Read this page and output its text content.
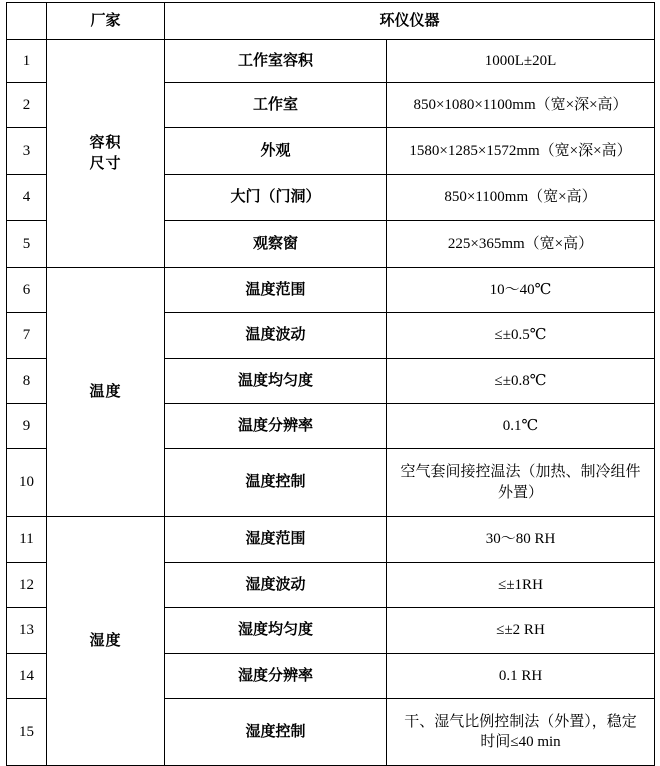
	厂家	环仪仪器	
1	容积尺寸	工作室容积	1000L±20L
2		工作室	850×1080×1100mm（宽×深×高）
3		外观	1580×1285×1572mm（宽×深×高）
4		大门（门洞）	850×1100mm（宽×高）
5		观察窗	225×365mm（宽×高）
6	温度	温度范围	10～40℃
7		温度波动	≤±0.5℃
8		温度均匀度	≤±0.8℃
9		温度分辨率	0.1℃
10		温度控制	空气套间接控温法（加热、制冷组件
外置）

11	湿度	湿度范围	30～80 RH
12		湿度波动	≤±1RH
13		湿度均匀度	≤±2 RH
14		湿度分辨率	0.1 RH
15		湿度控制	干、湿气比例控制法（外置），稳定
时间≤40 min
